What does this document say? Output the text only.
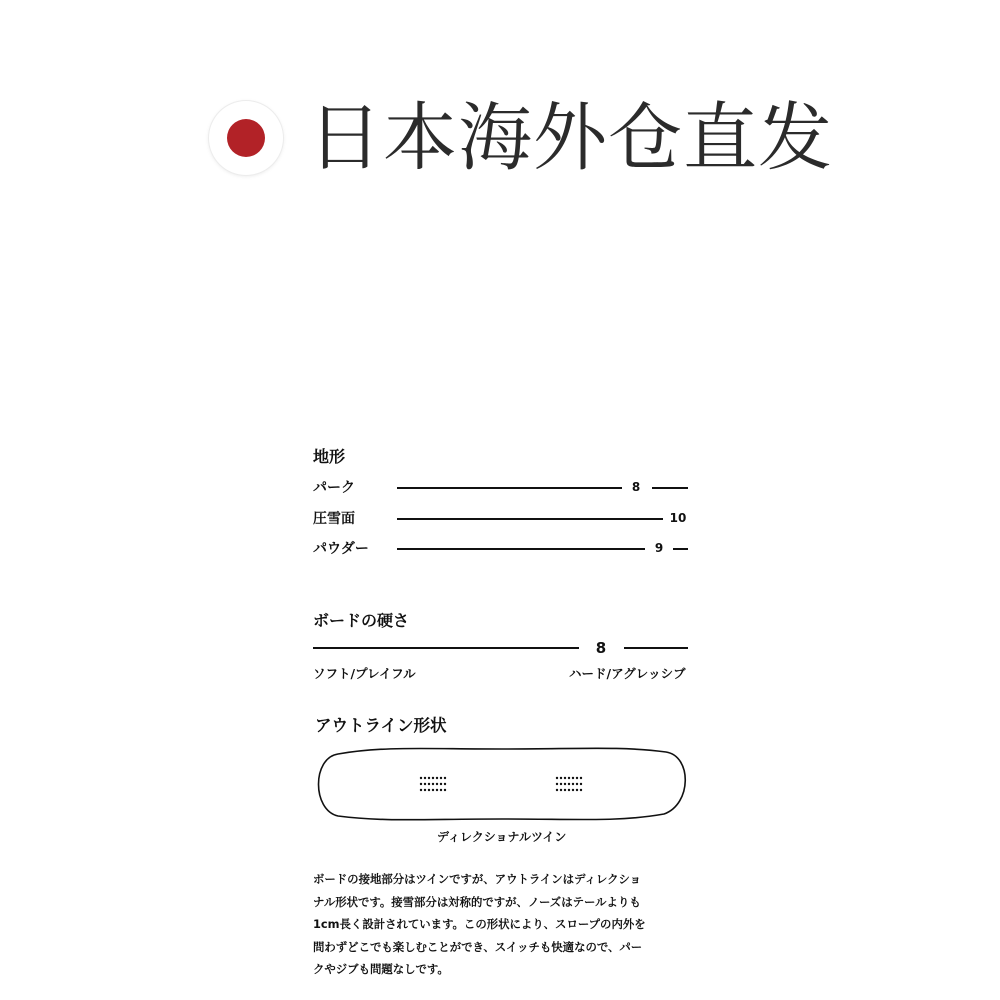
日本海外仓直发
地形
パーク	8
圧雪面	10
パウダー	9
ボードの硬さ
8
ソフト/プレイフル	ハード/アグレッシブ
アウトライン形状
ディレクショナルツイン
ボードの接地部分はツインですが、アウトラインはディレクショ
ナル形状です。接雪部分は対称的ですが、ノーズはテールよりも
1cm長く設計されています。この形状により、スロープの内外を
問わずどこでも楽しむことができ、スイッチも快適なので、パー
クやジブも問題なしです。
